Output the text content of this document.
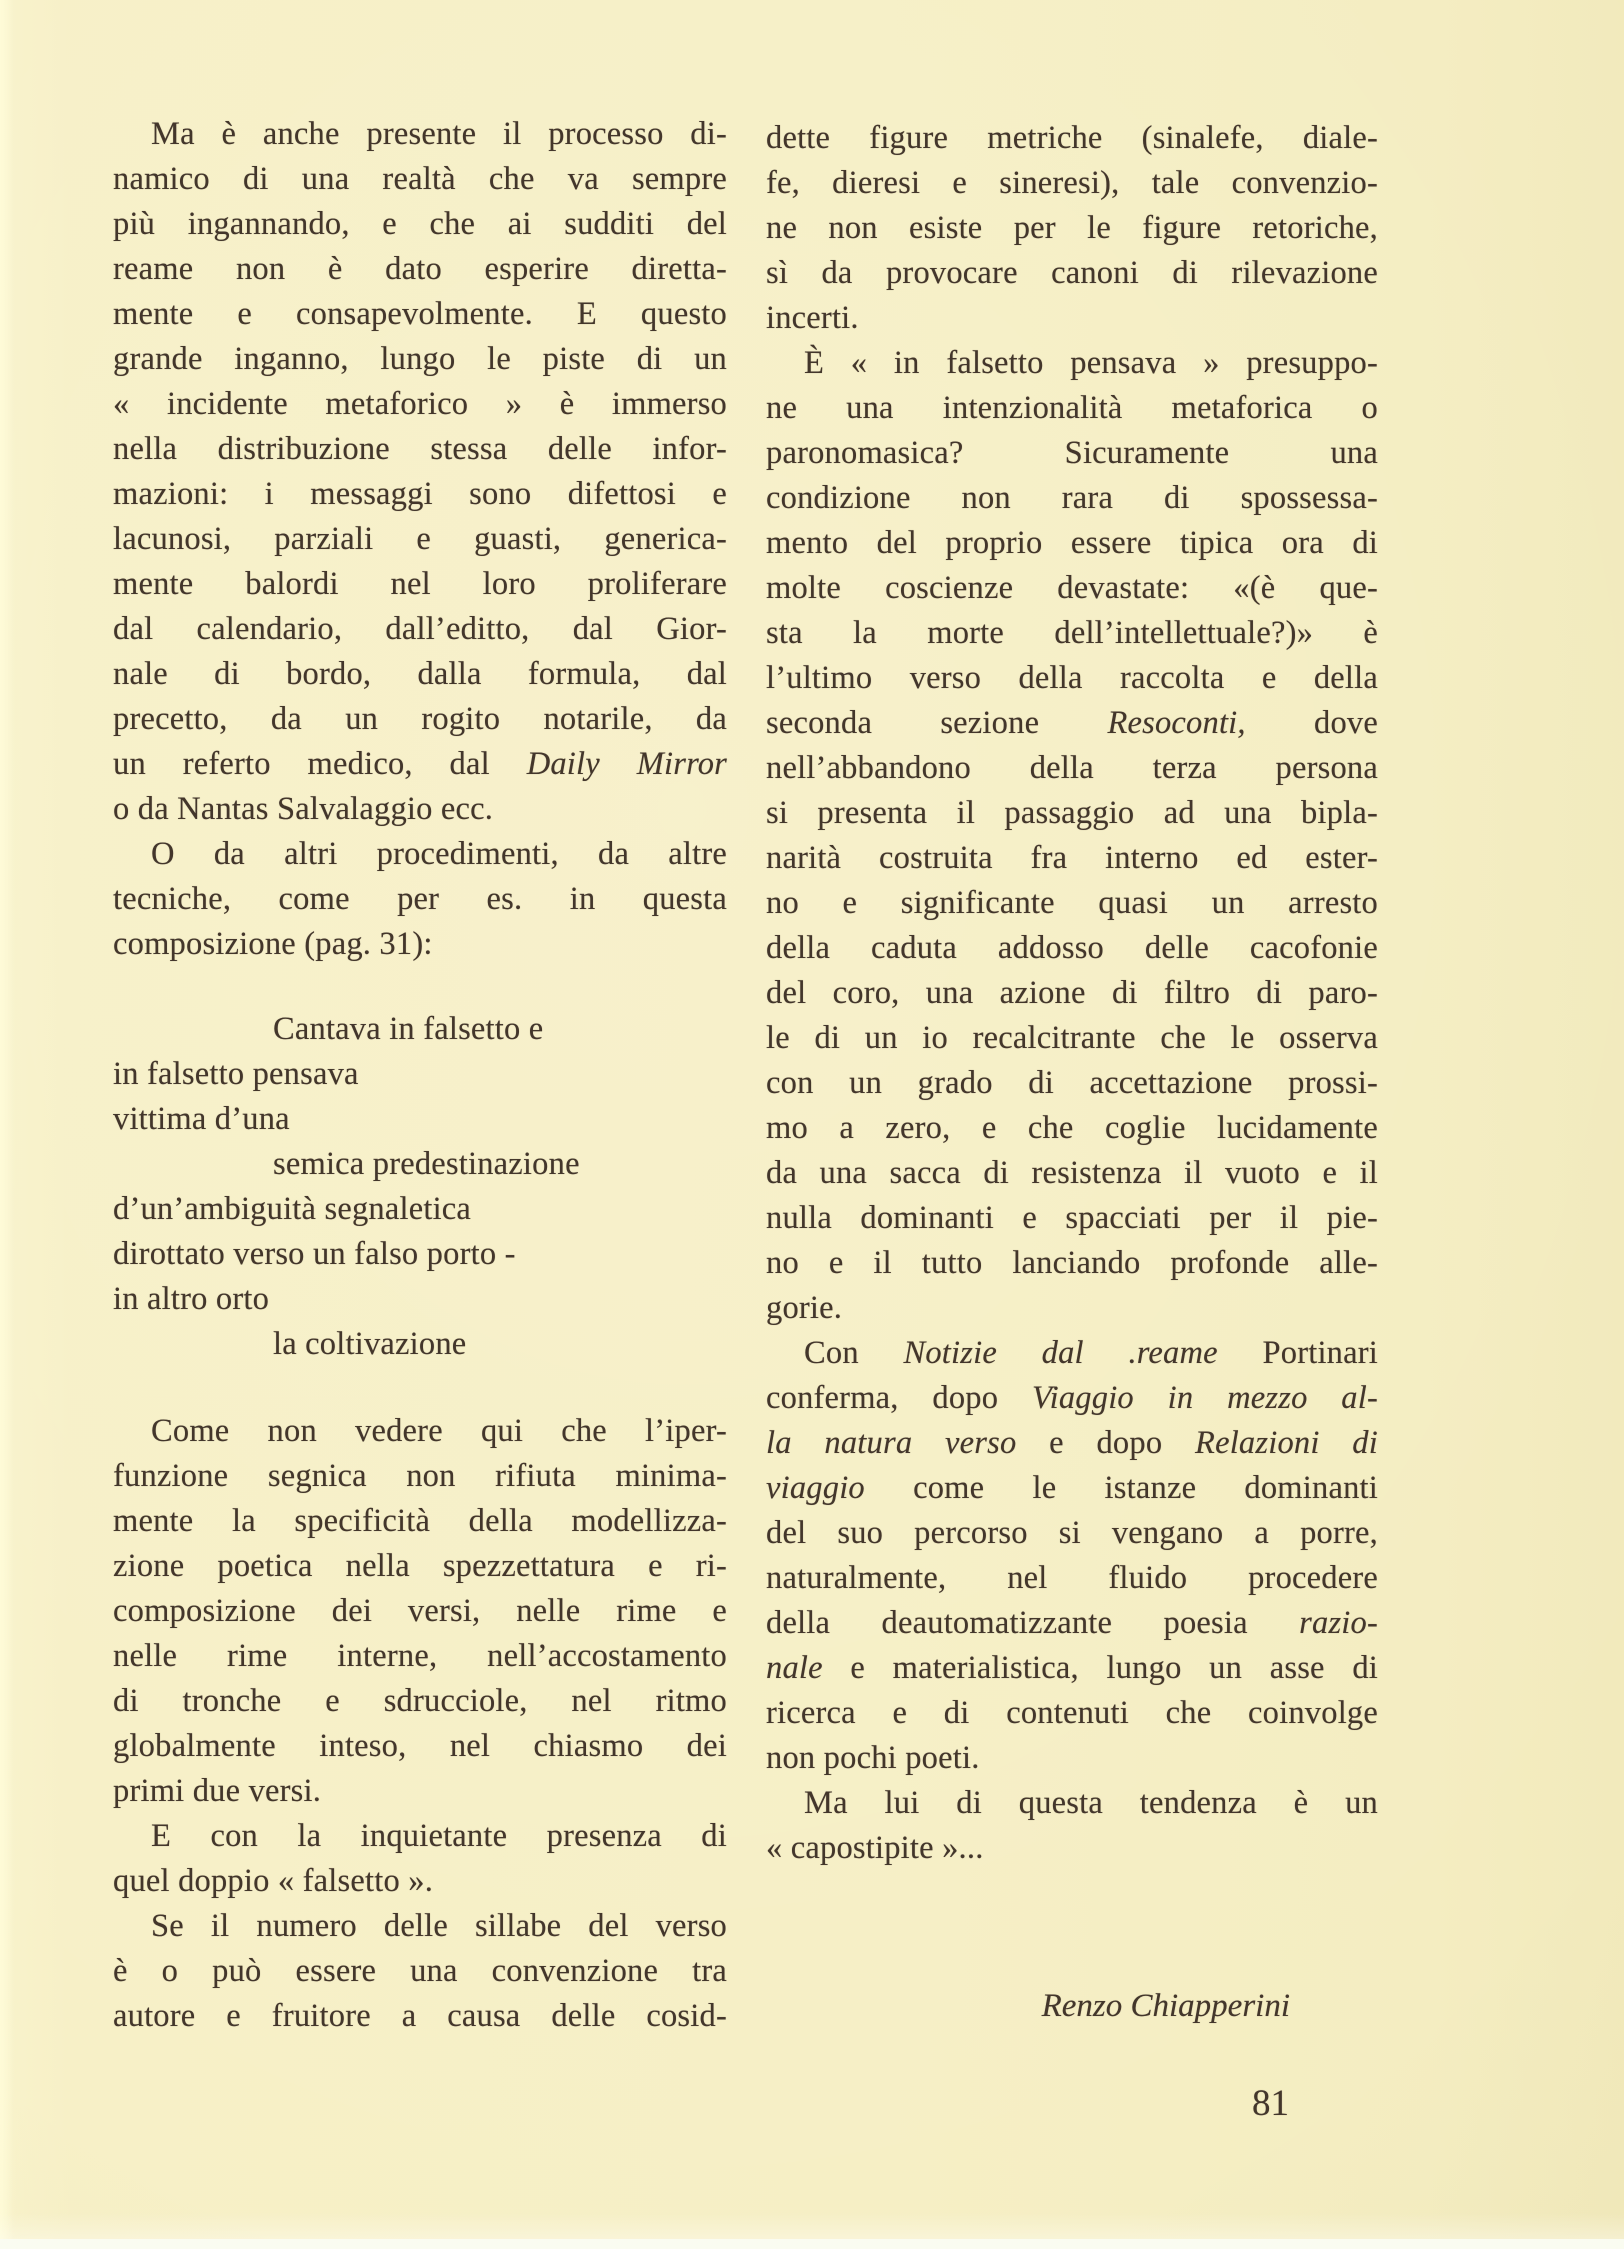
Ma è anche presente il processo di-
namico di una realtà che va sempre
più ingannando, e che ai sudditi del
reame non è dato esperire diretta-
mente e consapevolmente. E questo
grande inganno, lungo le piste di un
« incidente metaforico » è immerso
nella distribuzione stessa delle infor-
mazioni: i messaggi sono difettosi e
lacunosi, parziali e guasti, generica-
mente balordi nel loro proliferare
dal calendario, dall’editto, dal Gior-
nale di bordo, dalla formula, dal
precetto, da un rogito notarile, da
un referto medico, dal Daily Mirror
o da Nantas Salvalaggio ecc.
O da altri procedimenti, da altre
tecniche, come per es. in questa
composizione (pag. 31):
Cantava in falsetto e
in falsetto pensava
vittima d’una
semica predestinazione
d’un’ambiguità segnaletica
dirottato verso un falso porto -
in altro orto
la coltivazione
Come non vedere qui che l’iper-
funzione segnica non rifiuta minima-
mente la specificità della modellizza-
zione poetica nella spezzettatura e ri-
composizione dei versi, nelle rime e
nelle rime interne, nell’accostamento
di tronche e sdrucciole, nel ritmo
globalmente inteso, nel chiasmo dei
primi due versi.
E con la inquietante presenza di
quel doppio « falsetto ».
Se il numero delle sillabe del verso
è o può essere una convenzione tra
autore e fruitore a causa delle cosid-
dette figure metriche (sinalefe, diale-
fe, dieresi e sineresi), tale convenzio-
ne non esiste per le figure retoriche,
sì da provocare canoni di rilevazione
incerti.
È « in falsetto pensava » presuppo-
ne una intenzionalità metaforica o
paronomasica? Sicuramente una
condizione non rara di spossessa-
mento del proprio essere tipica ora di
molte coscienze devastate: «(è que-
sta la morte dell’intellettuale?)» è
l’ultimo verso della raccolta e della
seconda sezione Resoconti, dove
nell’abbandono della terza persona
si presenta il passaggio ad una bipla-
narità costruita fra interno ed ester-
no e significante quasi un arresto
della caduta addosso delle cacofonie
del coro, una azione di filtro di paro-
le di un io recalcitrante che le osserva
con un grado di accettazione prossi-
mo a zero, e che coglie lucidamente
da una sacca di resistenza il vuoto e il
nulla dominanti e spacciati per il pie-
no e il tutto lanciando profonde alle-
gorie.
Con Notizie dal .reame Portinari
conferma, dopo Viaggio in mezzo al-
la natura verso e dopo Relazioni di
viaggio come le istanze dominanti
del suo percorso si vengano a porre,
naturalmente, nel fluido procedere
della deautomatizzante poesia razio-
nale e materialistica, lungo un asse di
ricerca e di contenuti che coinvolge
non pochi poeti.
Ma lui di questa tendenza è un
« capostipite »...
Renzo Chiapperini
81
